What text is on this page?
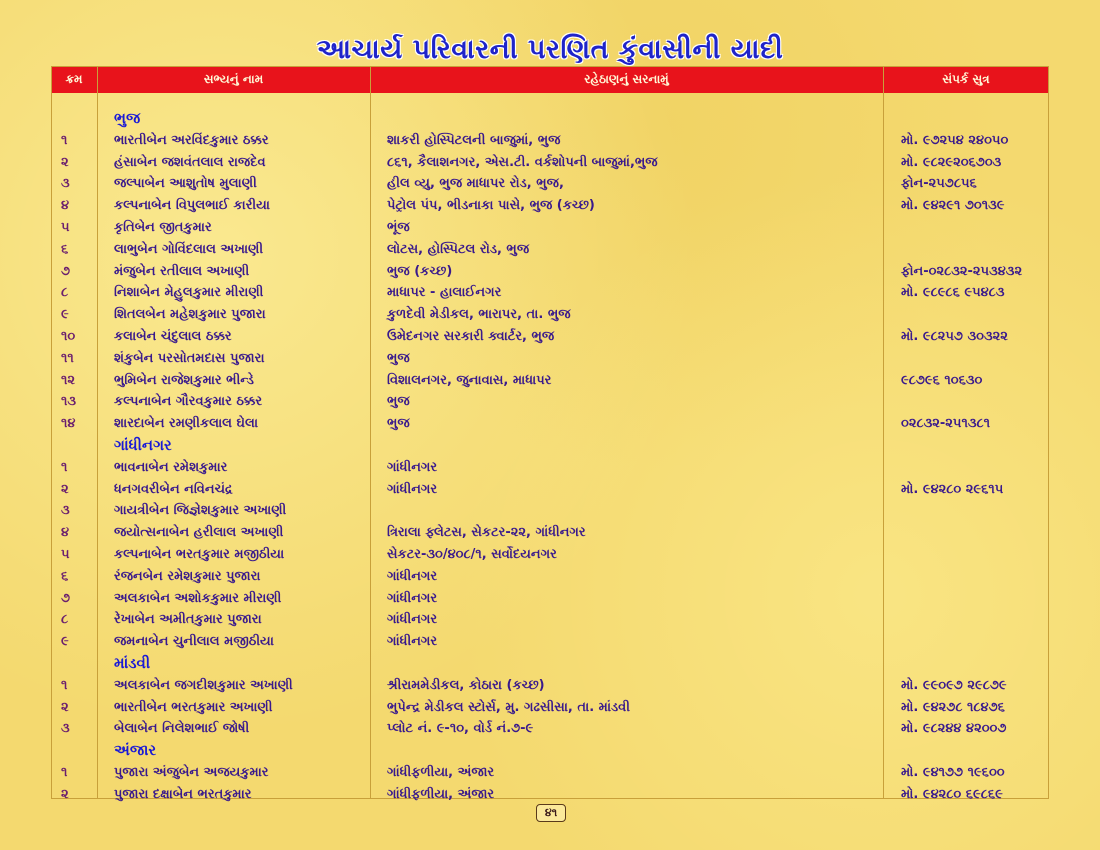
આચાર્ય પરિવારની પરણિત કુંવાસીની યાદી
ક્રમ	સભ્યનું નામ	રહેઠાણનું સરનામું	સંપર્ક સુત્ર
ભુજ
૧	ભારતીબેન અરવિંદકુમાર ઠક્કર	શાકરી હોસ્પિટલની બાજુમાં, ભુજ	મો. ૯૭૨૫૪ ૨૪૦૫૦
૨	હંસાબેન જશવંતલાલ રાજદેવ	૮૬૧, કૈલાશનગર, એસ.ટી. વર્કશોપની બાજુમાં,ભુજ	મો. ૯૮૨૯૨૦૬૭૦૩
૩	જલ્પાબેન આશુતોષ મુલાણી	હીલ વ્યુ, ભુજ માધાપર રોડ, ભુજ,	ફોન-૨૫૭૮૫૬
૪	કલ્પનાબેન વિપુલભાઈ કારીયા	પેટ્રોલ પંપ, ભીડનાકા પાસે, ભુજ (કચ્છ)	મો. ૯૪૨૯૧ ૭૦૧૩૯
૫	કૃતિબેન જીતકુમાર	ભૂંજ
૬	લાભુબેન ગોવિંદલાલ અખાણી	લોટસ, હોસ્પિટલ રોડ, ભુજ
૭	મંજુબેન રતીલાલ અખાણી	ભુજ (કચ્છ)	ફોન-૦૨૮૩૨-૨૫૩૪૩૨
૮	નિશાબેન મેહુલકુમાર મીરાણી	માધાપર - હાલાઈનગર	મો. ૯૮૯૮૬ ૯૫૪૮૩
૯	શિતલબેન મહેશકુમાર પુજારા	કુળદેવી મેડીકલ, ભારાપર, તા. ભુજ
૧૦	કલાબેન ચંદુલાલ ઠક્કર	ઉમેદનગર સરકારી ક્વાર્ટર, ભુજ	મો. ૯૮૨૫૭ ૩૦૩૨૨
૧૧	શંકુબેન પરસોતમદાસ પુજારા	ભુજ
૧૨	ભુમિબેન રાજેશકુમાર ભીન્ડે	વિશાલનગર, જુનાવાસ, માધાપર	૯૮૭૯૬ ૧૦૬૩૦
૧૩	કલ્પનાબેન ગૌરવકુમાર ઠક્કર	ભુજ
૧૪	શારદાબેન રમણીકલાલ ઘેલા	ભુજ	૦૨૮૩૨-૨૫૧૩૮૧
ગાંધીનગર
૧	ભાવનાબેન રમેશકુમાર	ગાંધીનગર
૨	ધનગવરીબેન નવિનચંદ્ર	ગાંધીનગર	મો. ૯૪૨૮૦ ૨૯૬૧૫
૩	ગાયત્રીબેન જિજ્ઞેશકુમાર અખાણી
૪	જયોત્સનાબેન હરીલાલ અખાણી	ત્રિરાલા ફ્લેટસ, સેકટર-૨૨, ગાંધીનગર
૫	કલ્પનાબેન ભરતકુમાર મજીઠીયા	સેકટર-૩૦/૪૦૮/૧, સર્વોદયનગર
૬	રંજનબેન રમેશકુમાર પુજારા	ગાંધીનગર
૭	અલકાબેન અશોકકુમાર મીરાણી	ગાંધીનગર
૮	રેખાબેન અમીતકુમાર પુજારા	ગાંધીનગર
૯	જમનાબેન ચુનીલાલ મજીઠીયા	ગાંધીનગર
માંડવી
૧	અલકાબેન જગદીશકુમાર અખાણી	શ્રીરામમેડીકલ, કોઠારા (કચ્છ)	મો. ૯૯૦૯૭ ૨૯૮૭૯
૨	ભારતીબેન ભરતકુમાર અખાણી	ભુપેન્દ્ર મેડીકલ સ્ટોર્સ, મુ. ગઢસીસા, તા. માંડવી	મો. ૯૪૨૭૮ ૧૮૪૭૬
૩	બેલાબેન નિલેશભાઈ જોષી	પ્લોટ નં. ૯-૧૦, વોર્ડ નં.૭-૯	મો. ૯૮૨૪૪ ૪૨૦૦૭
અંજાર
૧	પુજારા અંજુબેન અજયકુમાર	ગાંધીફળીયા, અંજાર	મો. ૯૪૧૭૭ ૧૯૬૦૦
૨	પુજારા દક્ષાબેન ભરતકુમાર	ગાંધીફળીયા, અંજાર	મો. ૯૪૨૮૦ ૬૯૮૬૯
૪૧
